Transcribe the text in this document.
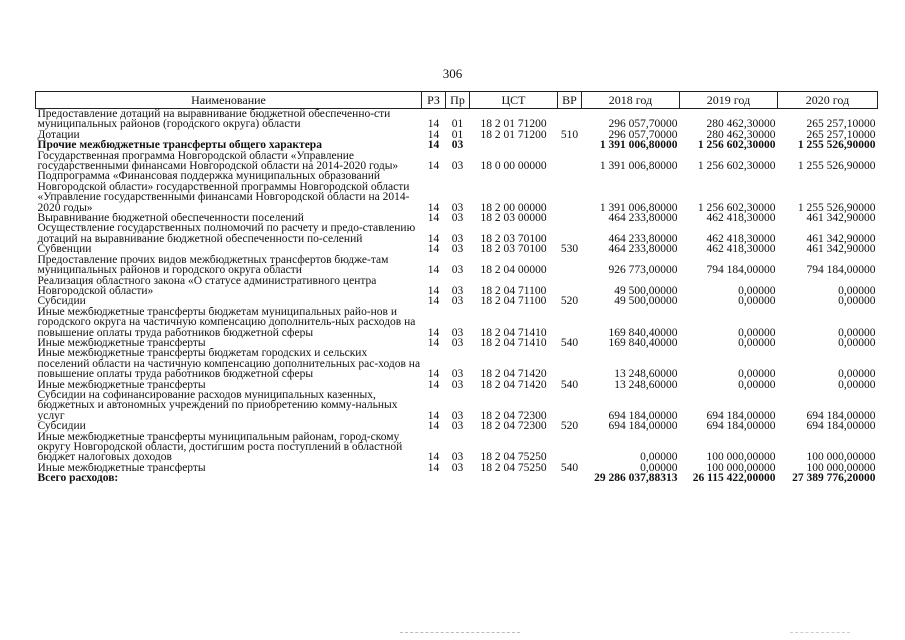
306
Наименование	РЗ	Пр	ЦСТ	ВР	2018 год	2019 год	2020 год
Предоставление дотаций на выравнивание бюджетной обеспеченно-сти муниципальных районов (городского округа) области	14	01	18 2 01 71200		296 057,70000	280 462,30000	265 257,10000
Дотации	14	01	18 2 01 71200	510	296 057,70000	280 462,30000	265 257,10000
Прочие межбюджетные трансферты общего характера	14	03			1 391 006,80000	1 256 602,30000	1 255 526,90000
Государственная программа Новгородской области «Управление государственными финансами Новгородской области на 2014-2020 годы»	14	03	18 0 00 00000		1 391 006,80000	1 256 602,30000	1 255 526,90000
Подпрограмма «Финансовая поддержка муниципальных образований Новгородской области» государственной программы Новгородской области «Управление государственными финансами Новгородской области на 2014-2020 годы»	14	03	18 2 00 00000		1 391 006,80000	1 256 602,30000	1 255 526,90000
Выравнивание бюджетной обеспеченности поселений	14	03	18 2 03 00000		464 233,80000	462 418,30000	461 342,90000
Осуществление государственных полномочий по расчету и предо-ставлению дотаций на выравнивание бюджетной обеспеченности по-селений	14	03	18 2 03 70100		464 233,80000	462 418,30000	461 342,90000
Субвенции	14	03	18 2 03 70100	530	464 233,80000	462 418,30000	461 342,90000
Предоставление прочих видов межбюджетных трансфертов бюдже-там муниципальных районов и городского округа области	14	03	18 2 04 00000		926 773,00000	794 184,00000	794 184,00000
Реализация областного закона «О статусе административного центра Новгородской области»	14	03	18 2 04 71100		49 500,00000	0,00000	0,00000
Субсидии	14	03	18 2 04 71100	520	49 500,00000	0,00000	0,00000
Иные межбюджетные трансферты бюджетам муниципальных райо-нов и городского округа на частичную компенсацию дополнитель-ных расходов на повышение оплаты труда работников бюджетной сферы	14	03	18 2 04 71410		169 840,40000	0,00000	0,00000
Иные межбюджетные трансферты	14	03	18 2 04 71410	540	169 840,40000	0,00000	0,00000
Иные межбюджетные трансферты бюджетам городских и сельских поселений области на частичную компенсацию дополнительных рас-ходов на повышение оплаты труда работников бюджетной сферы	14	03	18 2 04 71420		13 248,60000	0,00000	0,00000
Иные межбюджетные трансферты	14	03	18 2 04 71420	540	13 248,60000	0,00000	0,00000
Субсидии на софинансирование расходов муниципальных казенных, бюджетных и автономных учреждений по приобретению комму-нальных услуг	14	03	18 2 04 72300		694 184,00000	694 184,00000	694 184,00000
Субсидии	14	03	18 2 04 72300	520	694 184,00000	694 184,00000	694 184,00000
Иные межбюджетные трансферты муниципальным районам, город-скому округу Новгородской области, достигшим роста поступлений в областной бюджет налоговых доходов	14	03	18 2 04 75250		0,00000	100 000,00000	100 000,00000
Иные межбюджетные трансферты	14	03	18 2 04 75250	540	0,00000	100 000,00000	100 000,00000
Всего расходов:					29 286 037,88313	26 115 422,00000	27 389 776,20000
